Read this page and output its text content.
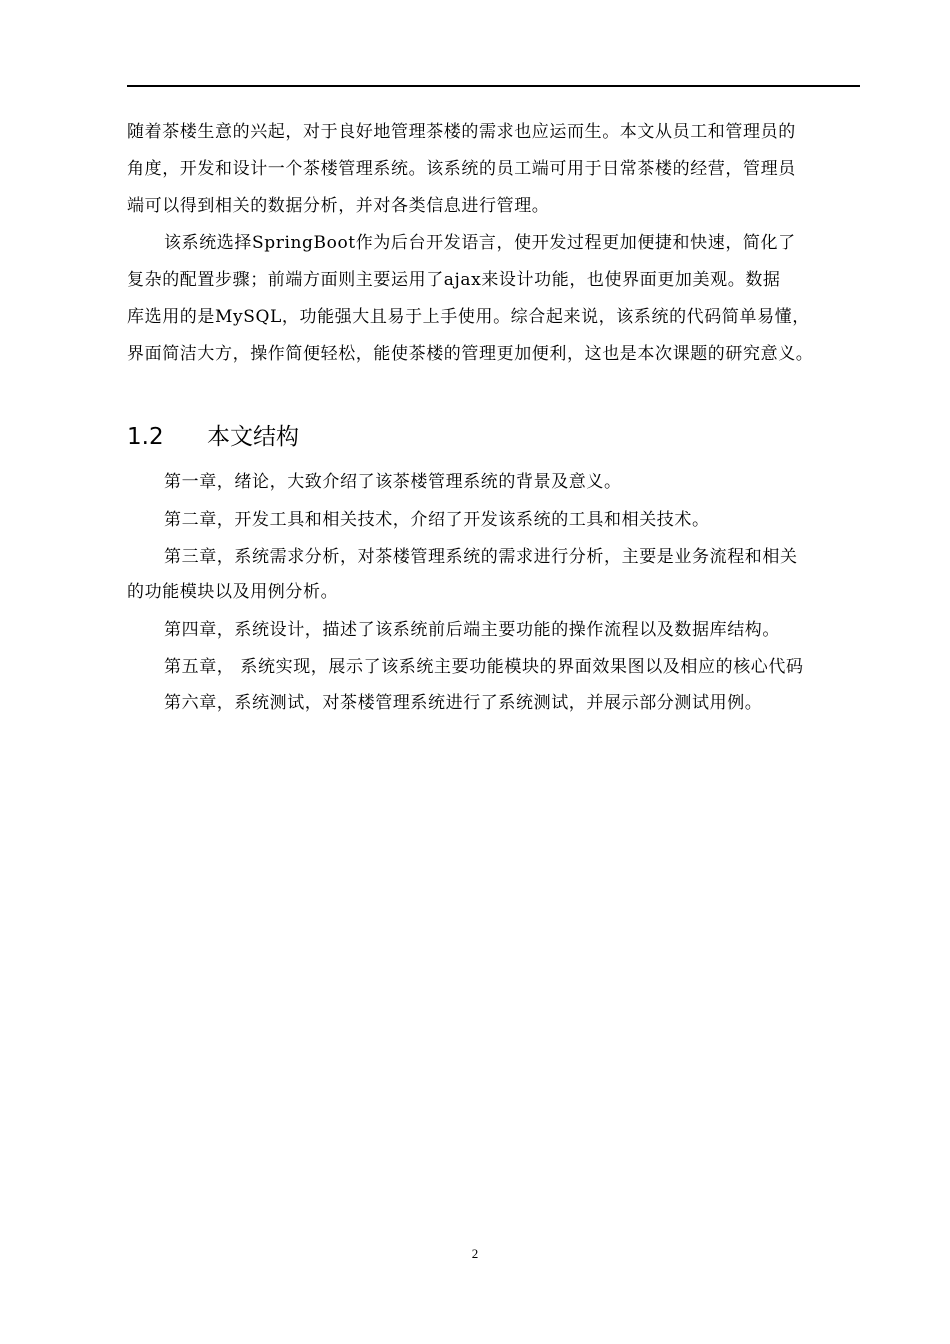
随着茶楼生意的兴起，对于良好地管理茶楼的需求也应运而生。本文从员工和管理员的
角度，开发和设计一个茶楼管理系统。该系统的员工端可用于日常茶楼的经营，管理员
端可以得到相关的数据分析，并对各类信息进行管理。
该系统选择SpringBoot作为后台开发语言，使开发过程更加便捷和快速，简化了
复杂的配置步骤；前端方面则主要运用了ajax来设计功能，也使界面更加美观。数据
库选用的是MySQL，功能强大且易于上手使用。综合起来说，该系统的代码简单易懂，
界面简洁大方，操作简便轻松，能使茶楼的管理更加便利，这也是本次课题的研究意义。
1.2 本文结构
第一章，绪论，大致介绍了该茶楼管理系统的背景及意义。
第二章，开发工具和相关技术，介绍了开发该系统的工具和相关技术。
第三章，系统需求分析，对茶楼管理系统的需求进行分析，主要是业务流程和相关
的功能模块以及用例分析。
第四章，系统设计，描述了该系统前后端主要功能的操作流程以及数据库结构。
第五章， 系统实现，展示了该系统主要功能模块的界面效果图以及相应的核心代码
第六章，系统测试，对茶楼管理系统进行了系统测试，并展示部分测试用例。
2
